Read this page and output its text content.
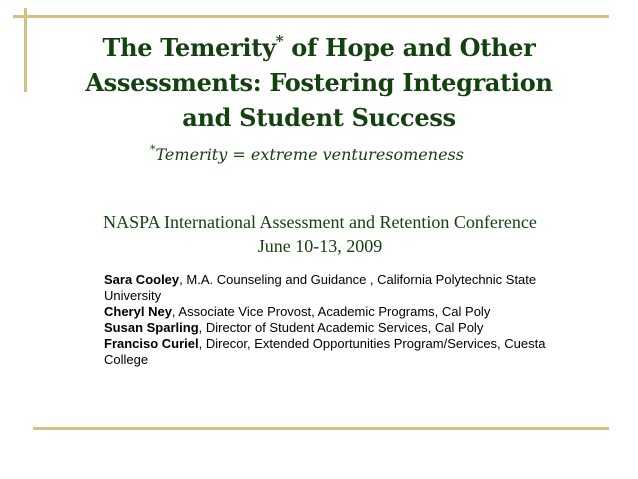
The Temerity* of Hope and Other
Assessments: Fostering Integration
and Student Success
*Temerity = extreme venturesomeness
NASPA International Assessment and Retention Conference
June 10-13, 2009

Sara Cooley, M.A. Counseling and Guidance , California Polytechnic State University

Cheryl Ney, Associate Vice Provost, Academic Programs, Cal Poly

Susan Sparling, Director of Student Academic Services, Cal Poly

Franciso Curiel, Direcor, Extended Opportunities Program/Services, Cuesta College
